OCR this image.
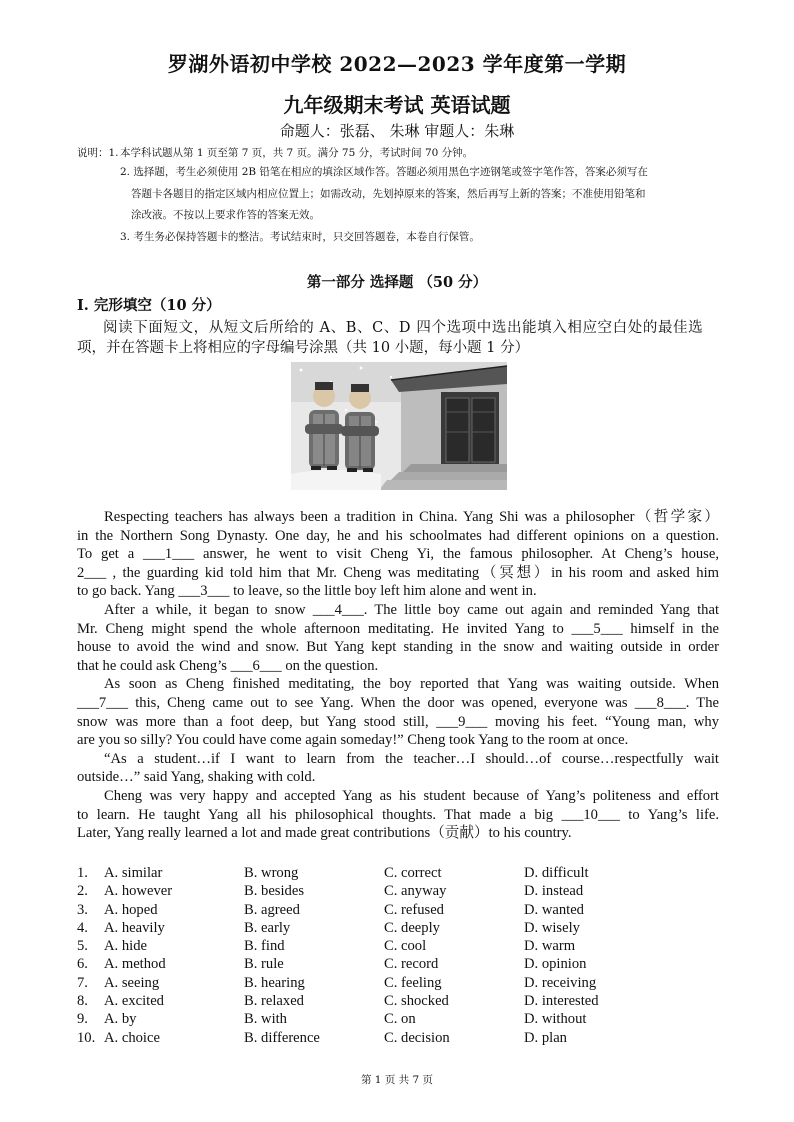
罗湖外语初中学校 2022—2023 学年度第一学期
九年级期末考试 英语试题
命题人：张磊、 朱琳 审题人：朱琳
说明：1. 本学科试题从第 1 页至第 7 页，共 7 页。满分 75 分，考试时间 70 分钟。
2. 选择题，考生必须使用 2B 铅笔在相应的填涂区域作答。答题必须用黑色字迹钢笔或签字笔作答，答案必须写在
答题卡各题目的指定区域内相应位置上；如需改动，先划掉原来的答案，然后再写上新的答案；不准使用铅笔和
涂改液。不按以上要求作答的答案无效。
3. 考生务必保持答题卡的整洁。考试结束时，只交回答题卷，本卷自行保管。
第一部分 选择题 （50 分）
I. 完形填空（10 分）
阅读下面短文，从短文后所给的 A、B、C、D 四个选项中选出能填入相应空白处的最佳选
项，并在答题卡上将相应的字母编号涂黑（共 10 小题，每小题 1 分）
Respecting teachers has always been a tradition in China. Yang Shi was a philosopher（哲学家）
in the Northern Song Dynasty. One day, he and his schoolmates had different opinions on a question.
To get a ___1___ answer, he went to visit Cheng Yi, the famous philosopher. At Cheng’s house,
2___ , the guarding kid told him that Mr. Cheng was meditating（冥想）in his room and asked him
to go back. Yang ___3___ to leave, so the little boy left him alone and went in.
After a while, it began to snow ___4___. The little boy came out again and reminded Yang that
Mr. Cheng might spend the whole afternoon meditating. He invited Yang to ___5___ himself in the
house to avoid the wind and snow. But Yang kept standing in the snow and waiting outside in order
that he could ask Cheng’s ___6___ on the question.
As soon as Cheng finished meditating, the boy reported that Yang was waiting outside. When
___7___ this, Cheng came out to see Yang. When the door was opened, everyone was ___8___. The
snow was more than a foot deep, but Yang stood still, ___9___ moving his feet. “Young man, why
are you so silly? You could have come again someday!” Cheng took Yang to the room at once.
“As a student…if I want to learn from the teacher…I should…of course…respectfully wait
outside…” said Yang, shaking with cold.
Cheng was very happy and accepted Yang as his student because of Yang’s politeness and effort
to learn. He taught Yang all his philosophical thoughts. That made a big ___10___ to Yang’s life.
Later, Yang really learned a lot and made great contributions（贡献）to his country.
1. A. similar	B. wrong	C. correct	D. difficult
2. A. however	B. besides	C. anyway	D. instead
3. A. hoped	B. agreed	C. refused	D. wanted
4. A. heavily	B. early	C. deeply	D. wisely
5. A. hide	B. find	C. cool	D. warm
6. A. method	B. rule	C. record	D. opinion
7. A. seeing	B. hearing	C. feeling	D. receiving
8. A. excited	B. relaxed	C. shocked	D. interested
9. A. by	B. with	C. on	D. without
10. A. choice	B. difference	C. decision	D. plan
第 1 页 共 7 页
